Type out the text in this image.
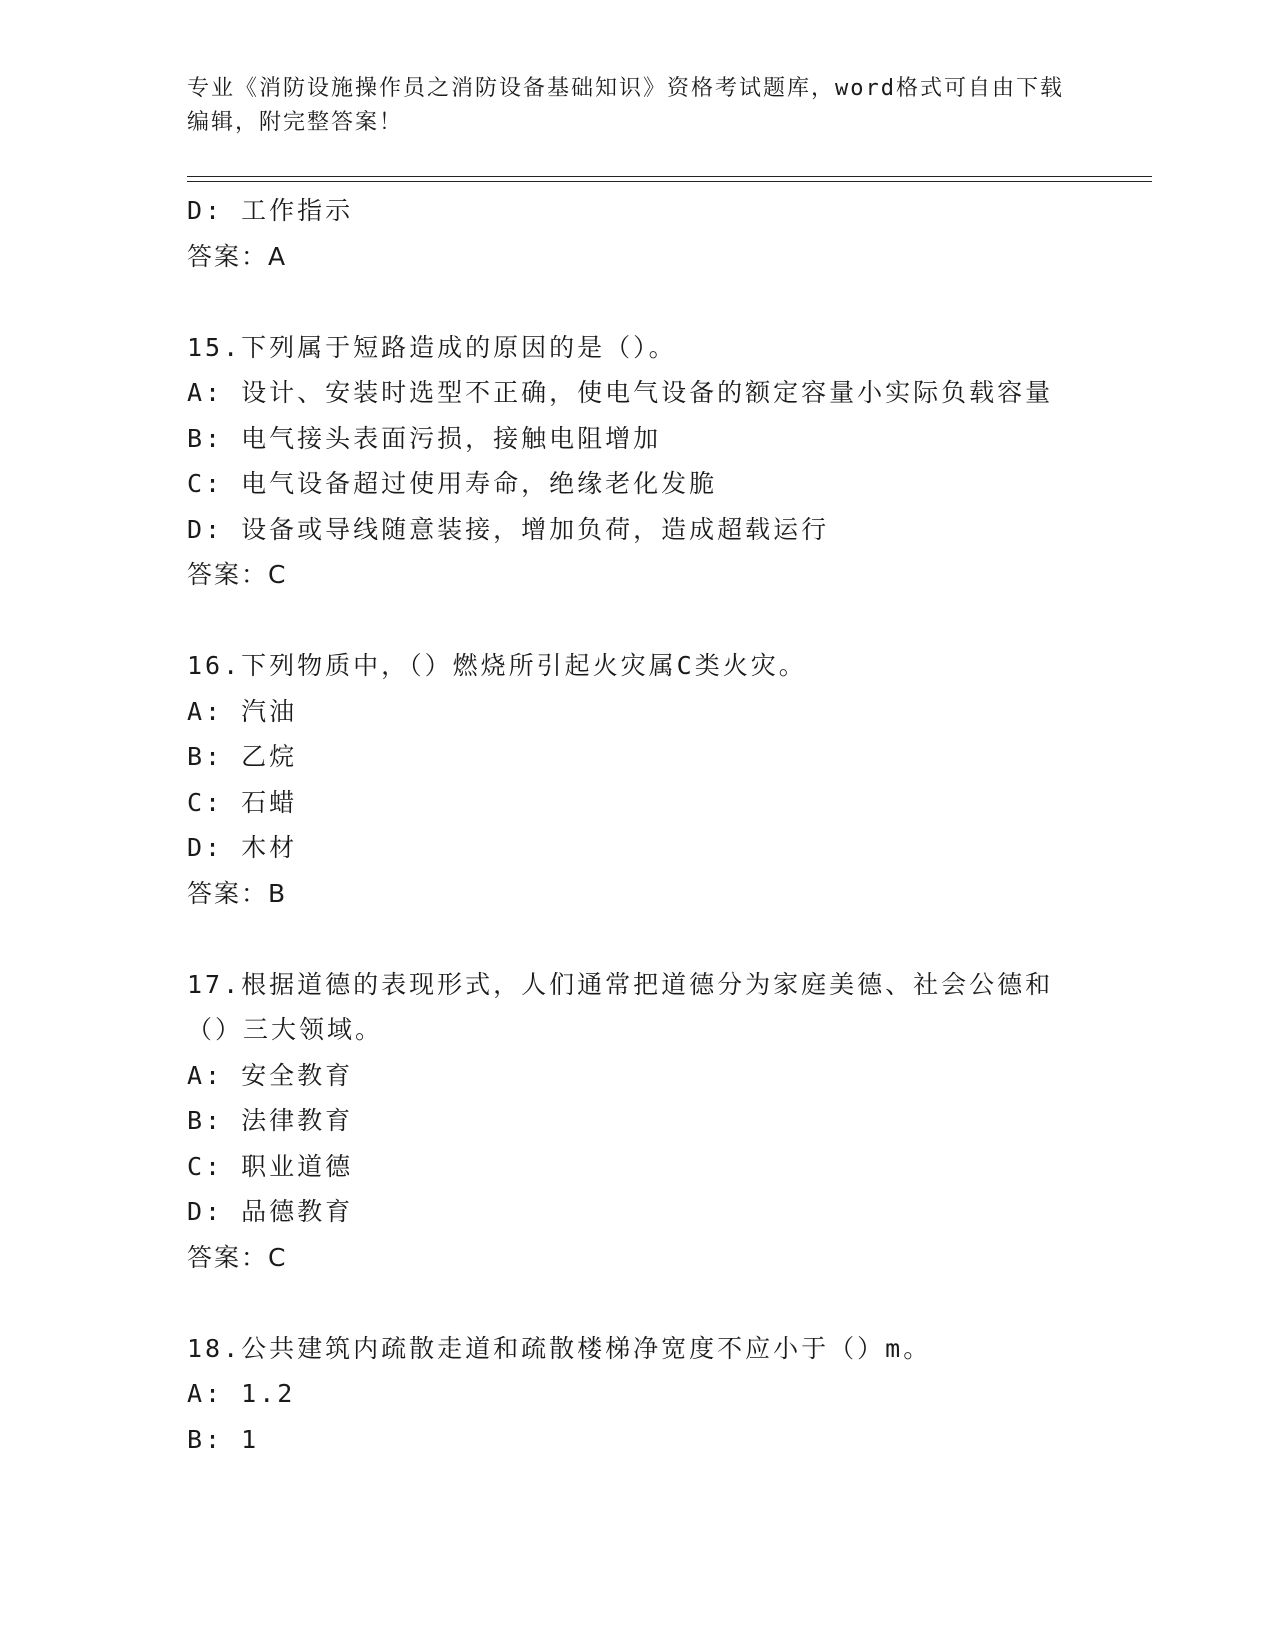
专业《消防设施操作员之消防设备基础知识》资格考试题库，word格式可自由下载编辑，附完整答案！
D: 工作指示
答案：A
15.下列属于短路造成的原因的是（）。
A: 设计、安装时选型不正确，使电气设备的额定容量小实际负载容量
B: 电气接头表面污损，接触电阻增加
C: 电气设备超过使用寿命，绝缘老化发脆
D: 设备或导线随意装接，增加负荷，造成超载运行
答案：C
16.下列物质中，（）燃烧所引起火灾属C类火灾。
A: 汽油
B: 乙烷
C: 石蜡
D: 木材
答案：B
17.根据道德的表现形式，人们通常把道德分为家庭美德、社会公德和（）三大领域。
A: 安全教育
B: 法律教育
C: 职业道德
D: 品德教育
答案：C
18.公共建筑内疏散走道和疏散楼梯净宽度不应小于（）m。
A: 1.2
B: 1
